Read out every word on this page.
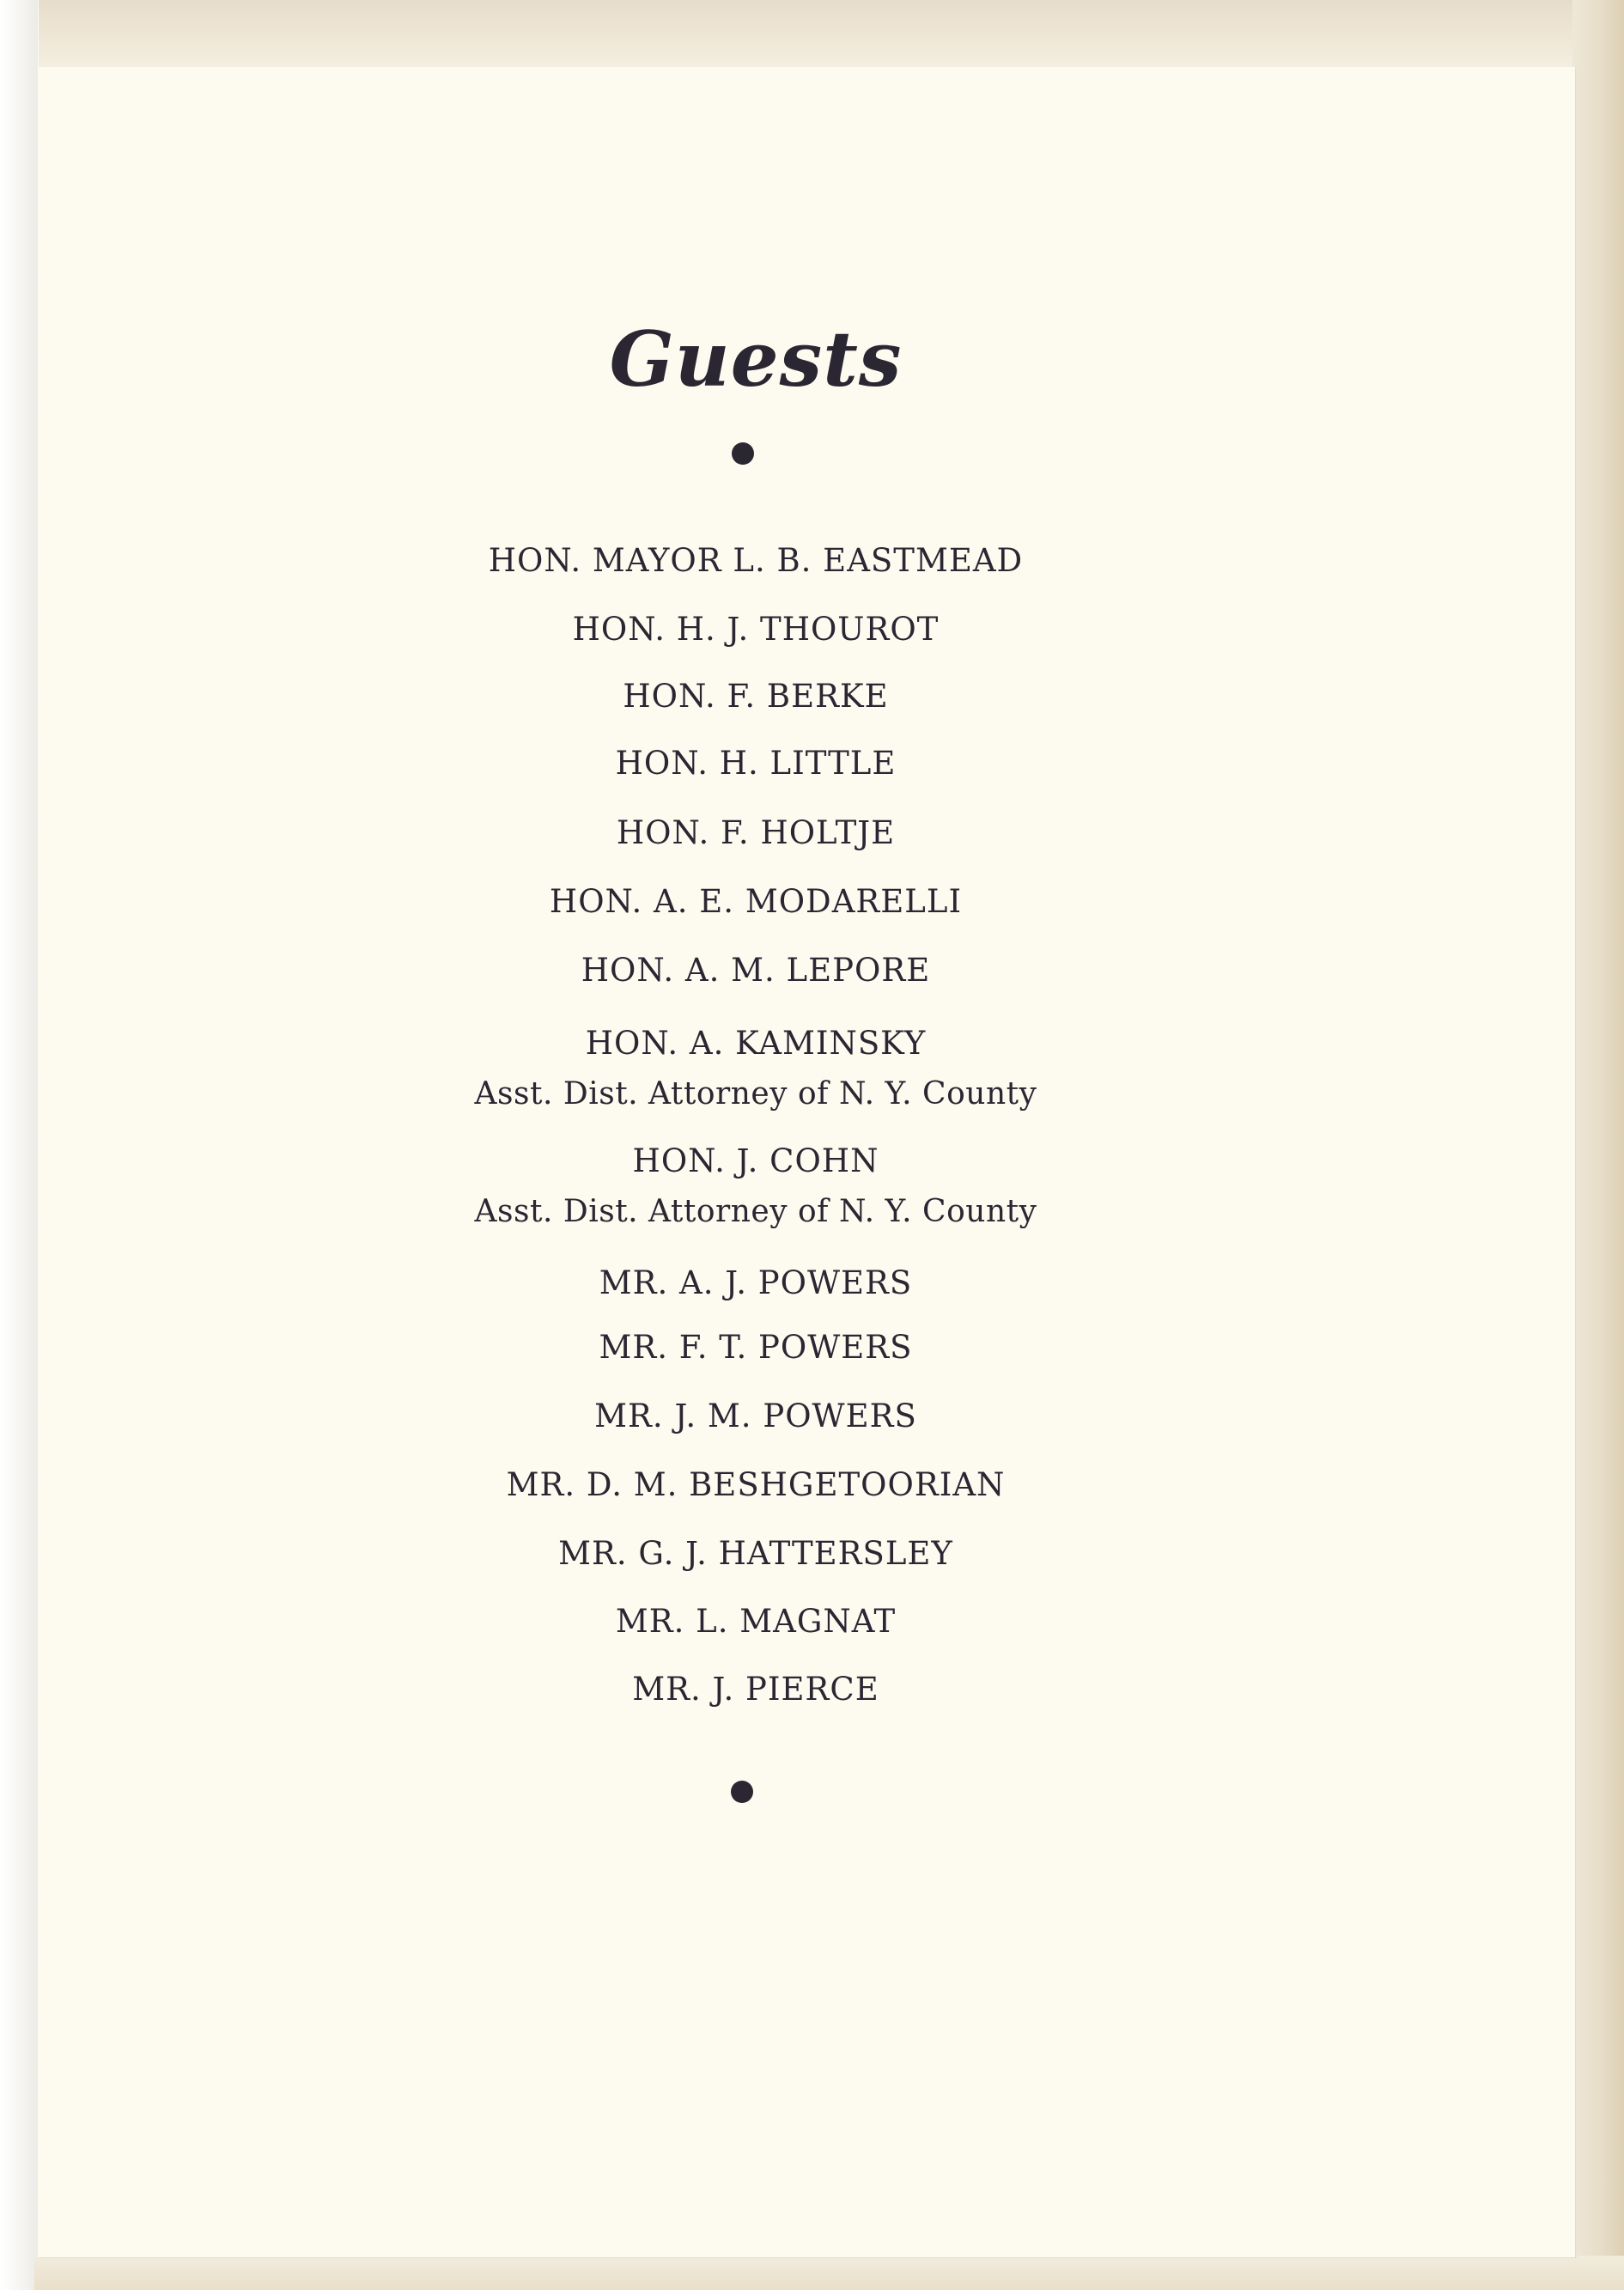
Guests
HON. MAYOR L. B. EASTMEAD
HON. H. J. THOUROT
HON. F. BERKE
HON. H. LITTLE
HON. F. HOLTJE
HON. A. E. MODARELLI
HON. A. M. LEPORE
HON. A. KAMINSKY
Asst. Dist. Attorney of N. Y. County
HON. J. COHN
Asst. Dist. Attorney of N. Y. County
MR. A. J. POWERS
MR. F. T. POWERS
MR. J. M. POWERS
MR. D. M. BESHGETOORIAN
MR. G. J. HATTERSLEY
MR. L. MAGNAT
MR. J. PIERCE
